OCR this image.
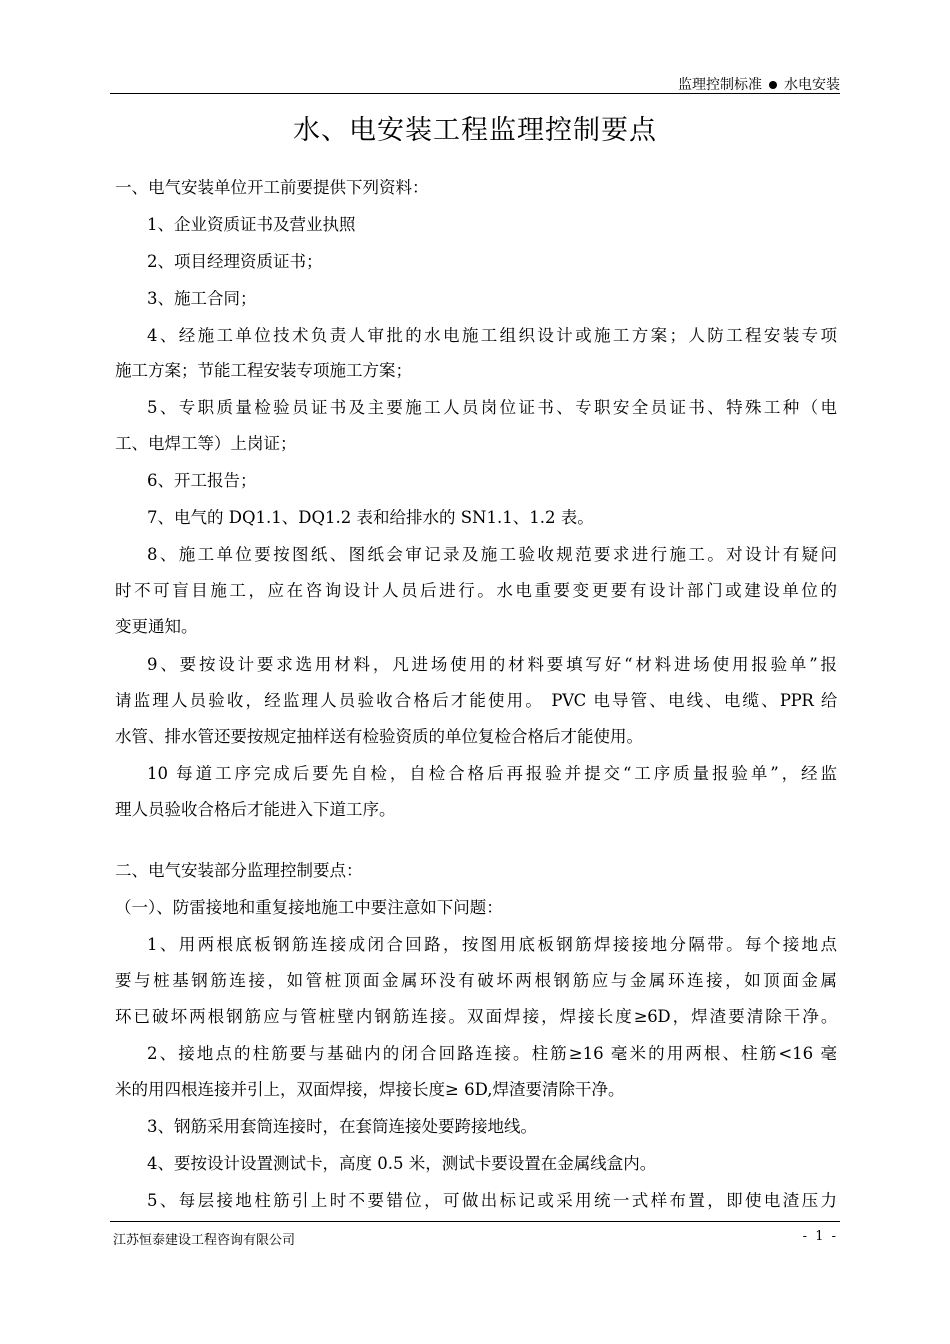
监理控制标准 水电安装
水、电安装工程监理控制要点
一、电气安装单位开工前要提供下列资料：
1、企业资质证书及营业执照
2、项目经理资质证书；
3、施工合同；
4、经施工单位技术负责人审批的水电施工组织设计或施工方案；人防工程安装专项
施工方案；节能工程安装专项施工方案；
5、专职质量检验员证书及主要施工人员岗位证书、专职安全员证书、特殊工种（电
工、电焊工等）上岗证；
6、开工报告；
7、电气的 DQ1.1、DQ1.2 表和给排水的 SN1.1、1.2 表。
8、施工单位要按图纸、图纸会审记录及施工验收规范要求进行施工。对设计有疑问
时不可盲目施工，应在咨询设计人员后进行。水电重要变更要有设计部门或建设单位的
变更通知。
9、要按设计要求选用材料，凡进场使用的材料要填写好“材料进场使用报验单”报
请监理人员验收，经监理人员验收合格后才能使用。 PVC 电导管、电线、电缆、PPR 给
水管、排水管还要按规定抽样送有检验资质的单位复检合格后才能使用。
10 每道工序完成后要先自检，自检合格后再报验并提交“工序质量报验单”，经监
理人员验收合格后才能进入下道工序。
二、电气安装部分监理控制要点：
（一）、防雷接地和重复接地施工中要注意如下问题：
1、用两根底板钢筋连接成闭合回路，按图用底板钢筋焊接接地分隔带。每个接地点
要与桩基钢筋连接，如管桩顶面金属环没有破坏两根钢筋应与金属环连接，如顶面金属
环已破坏两根钢筋应与管桩壁内钢筋连接。双面焊接，焊接长度≥6D，焊渣要清除干净。
2、接地点的柱筋要与基础内的闭合回路连接。柱筋≥16 毫米的用两根、柱筋<16 毫
米的用四根连接并引上，双面焊接，焊接长度≥ 6D,焊渣要清除干净。
3、钢筋采用套筒连接时，在套筒连接处要跨接地线。
4、要按设计设置测试卡，高度 0.5 米，测试卡要设置在金属线盒内。
5、每层接地柱筋引上时不要错位，可做出标记或采用统一式样布置，即使电渣压力
江苏恒泰建设工程咨询有限公司	- 1 -
